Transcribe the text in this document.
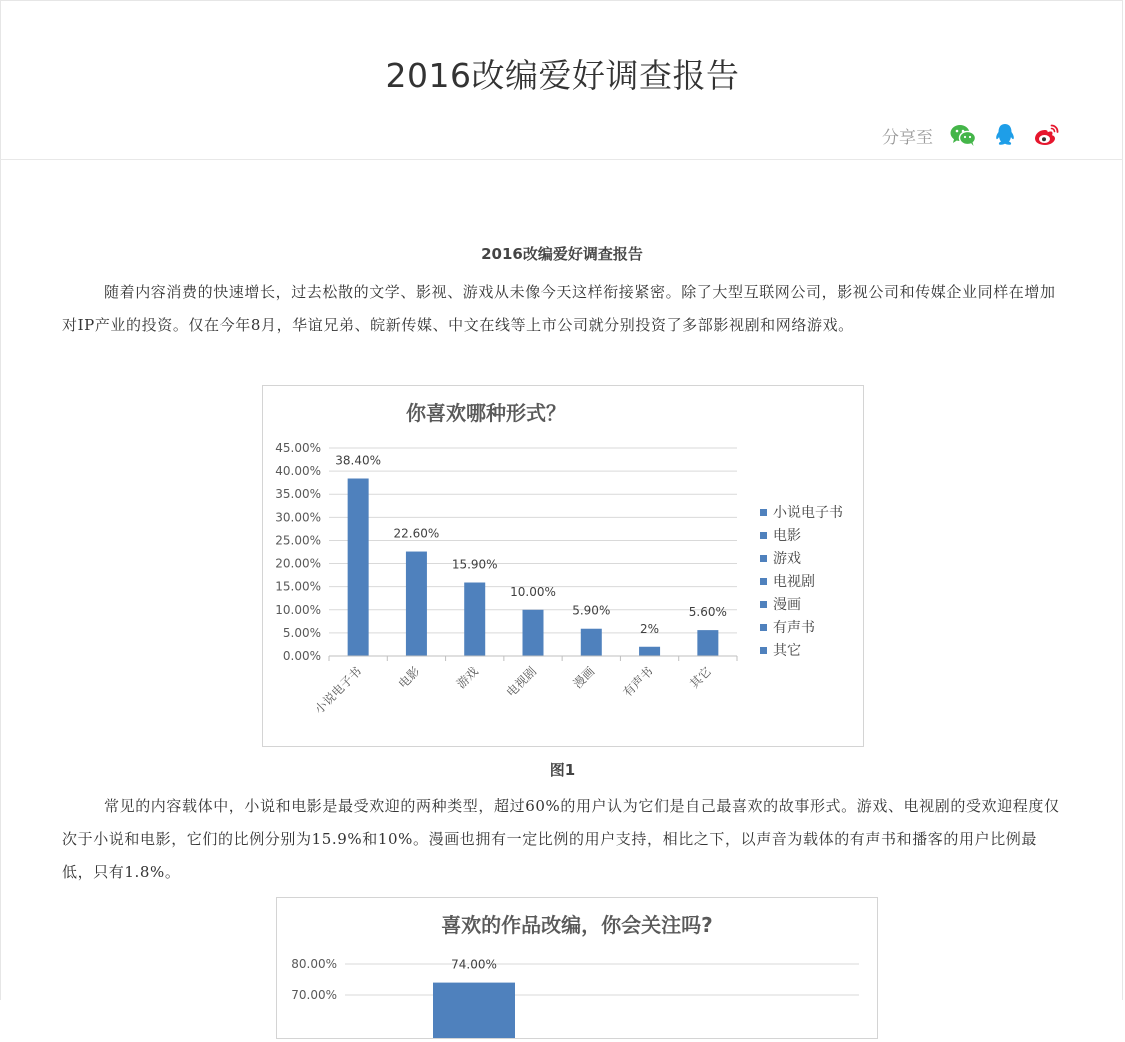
2016改编爱好调查报告
分享至
2016改编爱好调查报告

随着内容消费的快速增长，过去松散的文学、影视、游戏从未像今天这样衔接紧密。除了大型互联网公司，影视公司和传媒企业同样在增加对IP产业的投资。仅在今年8月，华谊兄弟、皖新传媒、中文在线等上市公司就分别投资了多部影视剧和网络游戏。

你喜欢哪种形式？
0.00%
5.00%
10.00%
15.00%
20.00%
25.00%
30.00%
35.00%
40.00%
45.00%
38.40%
小说电子书
22.60%
电影
15.90%
游戏
10.00%
电视剧
5.90%
漫画
2%
有声书
5.60%
其它
小说电子书
电影
游戏
电视剧
漫画
有声书
其它
图1

常见的内容载体中，小说和电影是最受欢迎的两种类型，超过60%的用户认为它们是自己最喜欢的故事形式。游戏、电视剧的受欢迎程度仅次于小说和电影，它们的比例分别为15.9%和10%。漫画也拥有一定比例的用户支持，相比之下，以声音为载体的有声书和播客的用户比例最低，只有1.8%。

喜欢的作品改编，你会关注吗?
80.00%
70.00%
74.00%
